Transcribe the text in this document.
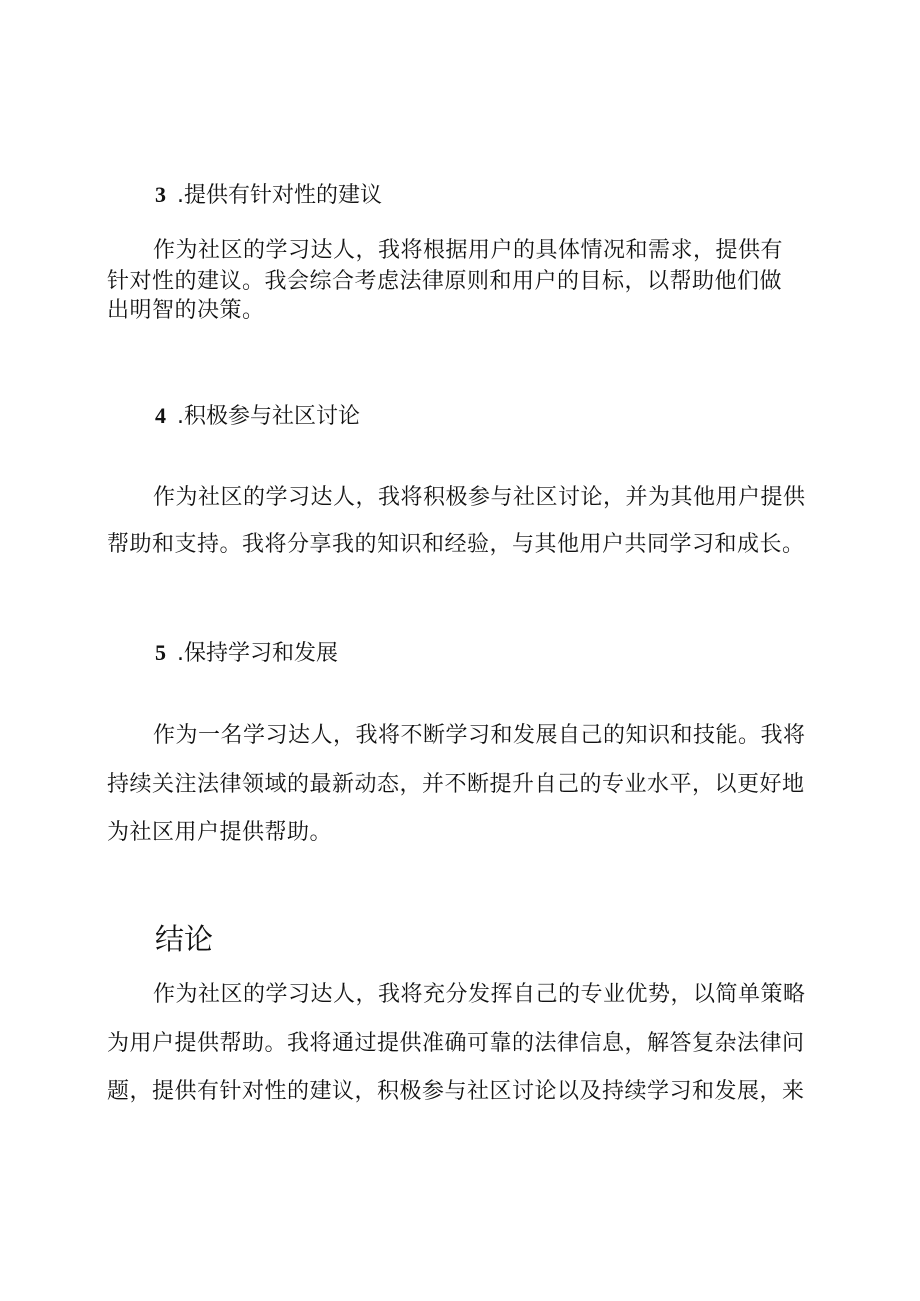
3 .提供有针对性的建议
作为社区的学习达人，我将根据用户的具体情况和需求，提供有
针对性的建议。我会综合考虑法律原则和用户的目标，以帮助他们做
出明智的决策。
4 .积极参与社区讨论
作为社区的学习达人，我将积极参与社区讨论，并为其他用户提供
帮助和支持。我将分享我的知识和经验，与其他用户共同学习和成长。
5 .保持学习和发展
作为一名学习达人，我将不断学习和发展自己的知识和技能。我将
持续关注法律领域的最新动态，并不断提升自己的专业水平，以更好地
为社区用户提供帮助。
结论
作为社区的学习达人，我将充分发挥自己的专业优势，以简单策略
为用户提供帮助。我将通过提供准确可靠的法律信息，解答复杂法律问
题，提供有针对性的建议，积极参与社区讨论以及持续学习和发展，来
